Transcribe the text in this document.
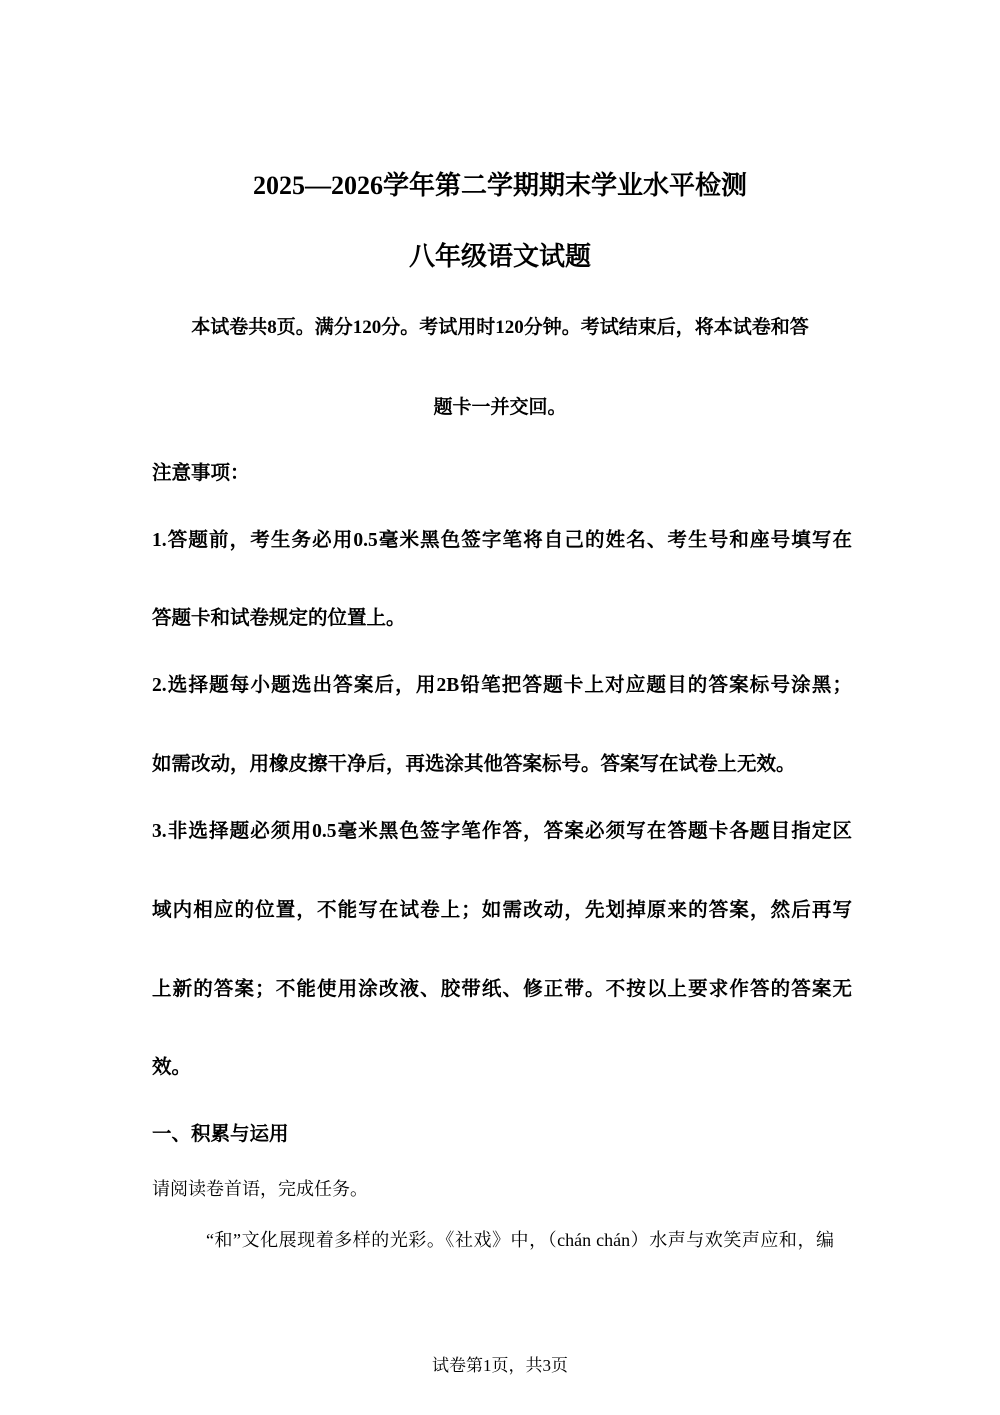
2025—2026学年第二学期期末学业水平检测
八年级语文试题
本试卷共8页。满分120分。考试用时120分钟。考试结束后，将本试卷和答
题卡一并交回。
注意事项：
1.答题前，考生务必用0.5毫米黑色签字笔将自己的姓名、考生号和座号填写在
答题卡和试卷规定的位置上。
2.选择题每小题选出答案后，用2B铅笔把答题卡上对应题目的答案标号涂黑；
如需改动，用橡皮擦干净后，再选涂其他答案标号。答案写在试卷上无效。
3.非选择题必须用0.5毫米黑色签字笔作答，答案必须写在答题卡各题目指定区
域内相应的位置，不能写在试卷上；如需改动，先划掉原来的答案，然后再写
上新的答案；不能使用涂改液、胶带纸、修正带。不按以上要求作答的答案无
效。
一、积累与运用
请阅读卷首语，完成任务。
“和”文化展现着多样的光彩。《社戏》中，（chán chán）水声与欢笑声应和，编
试卷第1页，共3页
